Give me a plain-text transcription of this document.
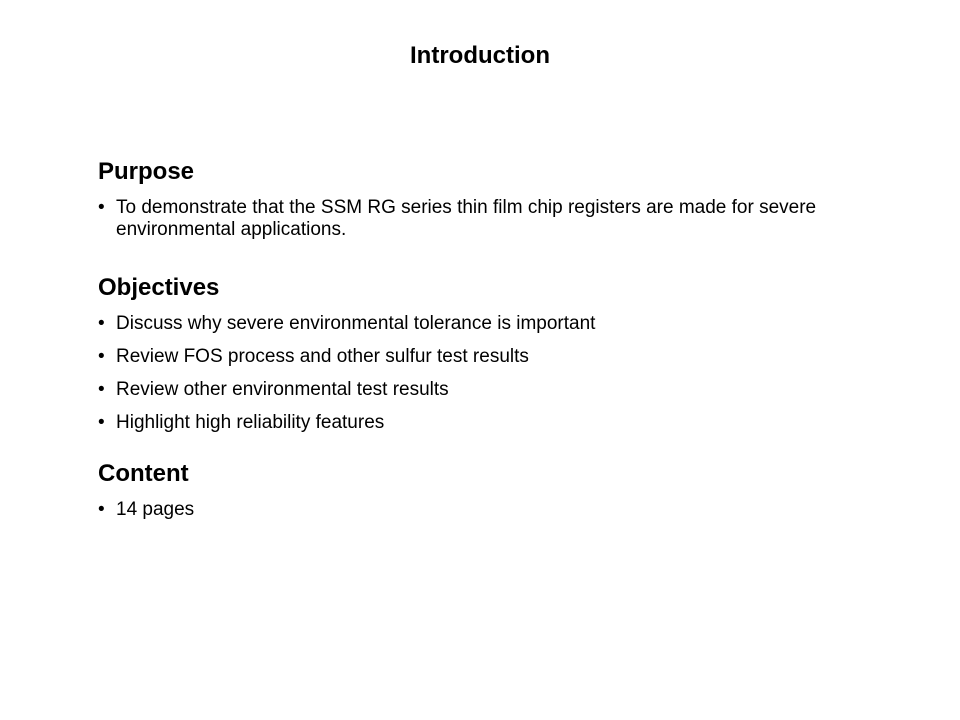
Introduction
Purpose
• To demonstrate that the SSM RG series thin film chip registers are made for severe environmental applications.
Objectives
• Discuss why severe environmental tolerance is important
• Review FOS process and other sulfur test results
• Review other environmental test results
• Highlight high reliability features
Content
• 14 pages
